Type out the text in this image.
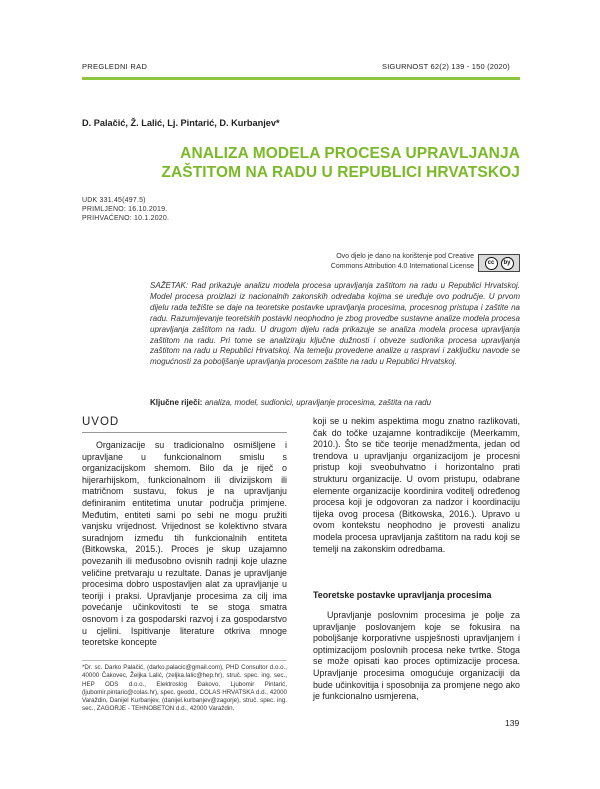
PREGLEDNI RAD	SIGURNOST 62(2) 139 - 150 (2020)
D. Palačić, Ž. Lalić, Lj. Pintarić, D. Kurbanjev*
ANALIZA MODELA PROCESA UPRAVLJANJA
ZAŠTITOM NA RADU U REPUBLICI HRVATSKOJ
UDK 331.45(497.5)
PRIMLJENO: 16.10.2019.
PRIHVAĆENO: 10.1.2020.
Ovo djelo je dano na korištenje pod Creative
Commons Attribution 4.0 International License	cc	by
SAŽETAK: Rad prikazuje analizu modela procesa upravljanja zaštitom na radu u Republici Hrvatskoj. Model procesa proizlazi iz nacionalnih zakonskih odredaba kojima se uređuje ovo područje. U prvom dijelu rada težište se daje na teoretske postavke upravljanja procesima, procesnog pristupa i zaštite na radu. Razumijevanje teoretskih postavki neophodno je zbog provedbe sustavne analize modela procesa upravljanja zaštitom na radu. U drugom dijelu rada prikazuje se analiza modela procesa upravljanja zaštitom na radu. Pri tome se analiziraju ključne dužnosti i obveze sudionika procesa upravljanja zaštitom na radu u Republici Hrvatskoj. Na temelju provedene analize u raspravi i zaključku navode se mogućnosti za poboljšanje upravljanja procesom zaštite na radu u Republici Hrvatskoj.
Ključne riječi: analiza, model, sudionici, upravljanje procesima, zaštita na radu
UVOD

Organizacije su tradicionalno osmišljene i upravljane u funkcionalnom smislu s organizacijskom shemom. Bilo da je riječ o hijerarhijskom, funkcionalnom ili divizijskom ili matričnom sustavu, fokus je na upravljanju definiranim entitetima unutar područja primjene. Međutim, entiteti sami po sebi ne mogu pružiti vanjsku vrijednost. Vrijednost se kolektivno stvara suradnjom između tih funkcionalnih entiteta (Bitkowska, 2015.). Proces je skup uzajamno povezanih ili međusobno ovisnih radnji koje ulazne veličine pretvaraju u rezultate. Danas je upravljanje procesima dobro uspostavljen alat za upravljanje u teoriji i praksi. Upravljanje procesima za cilj ima povećanje učinkovitosti te se stoga smatra osnovom i za gospodarski razvoj i za gospodarstvo u cjelini. Ispitivanje literature otkriva mnoge teoretske koncepte

*Dr. sc. Darko Palačić, (darko.palacic@gmail.com), PHD Consultor d.o.o., 40000 Čakovec, Željka Lalić, (zeljka.lalic@hep.hr), struč. spec. ing. sec., HEP ODS d.o.o., Elektroslog Đakovo, Ljubomir Pintarić, (ljubomir.pintaric@colas.hr), spec. geodd., COLAS HRVATSKA d.d., 42000 Varaždin, Danijel Kurbanjev, (danijel.kurbanjev@zagorje), struč. spec. ing. sec., ZAGORJE - TEHNOBETON d.d., 42000 Varaždin.

koji se u nekim aspektima mogu znatno razlikovati, čak do točke uzajamne kontradikcije (Meerkamm, 2010.). Što se tiče teorije menadžmenta, jedan od trendova u upravljanju organizacijom je procesni pristup koji sveobuhvatno i horizontalno prati strukturu organizacije. U ovom pristupu, odabrane elemente organizacije koordinira voditelj određenog procesa koji je odgovoran za nadzor i koordinaciju tijeka ovog procesa (Bitkowska, 2016.). Upravo u ovom kontekstu neophodno je provesti analizu modela procesa upravljanja zaštitom na radu koji se temelji na zakonskim odredbama.

Teoretske postavke upravljanja procesima

Upravljanje poslovnim procesima je polje za upravljanje poslovanjem koje se fokusira na poboljšanje korporativne uspješnosti upravljanjem i optimizacijom poslovnih procesa neke tvrtke. Stoga se može opisati kao proces optimizacije procesa. Upravljanje procesima omogućuje organizaciji da bude učinkovitija i sposobnija za promjene nego ako je funkcionalno usmjerena,

139
